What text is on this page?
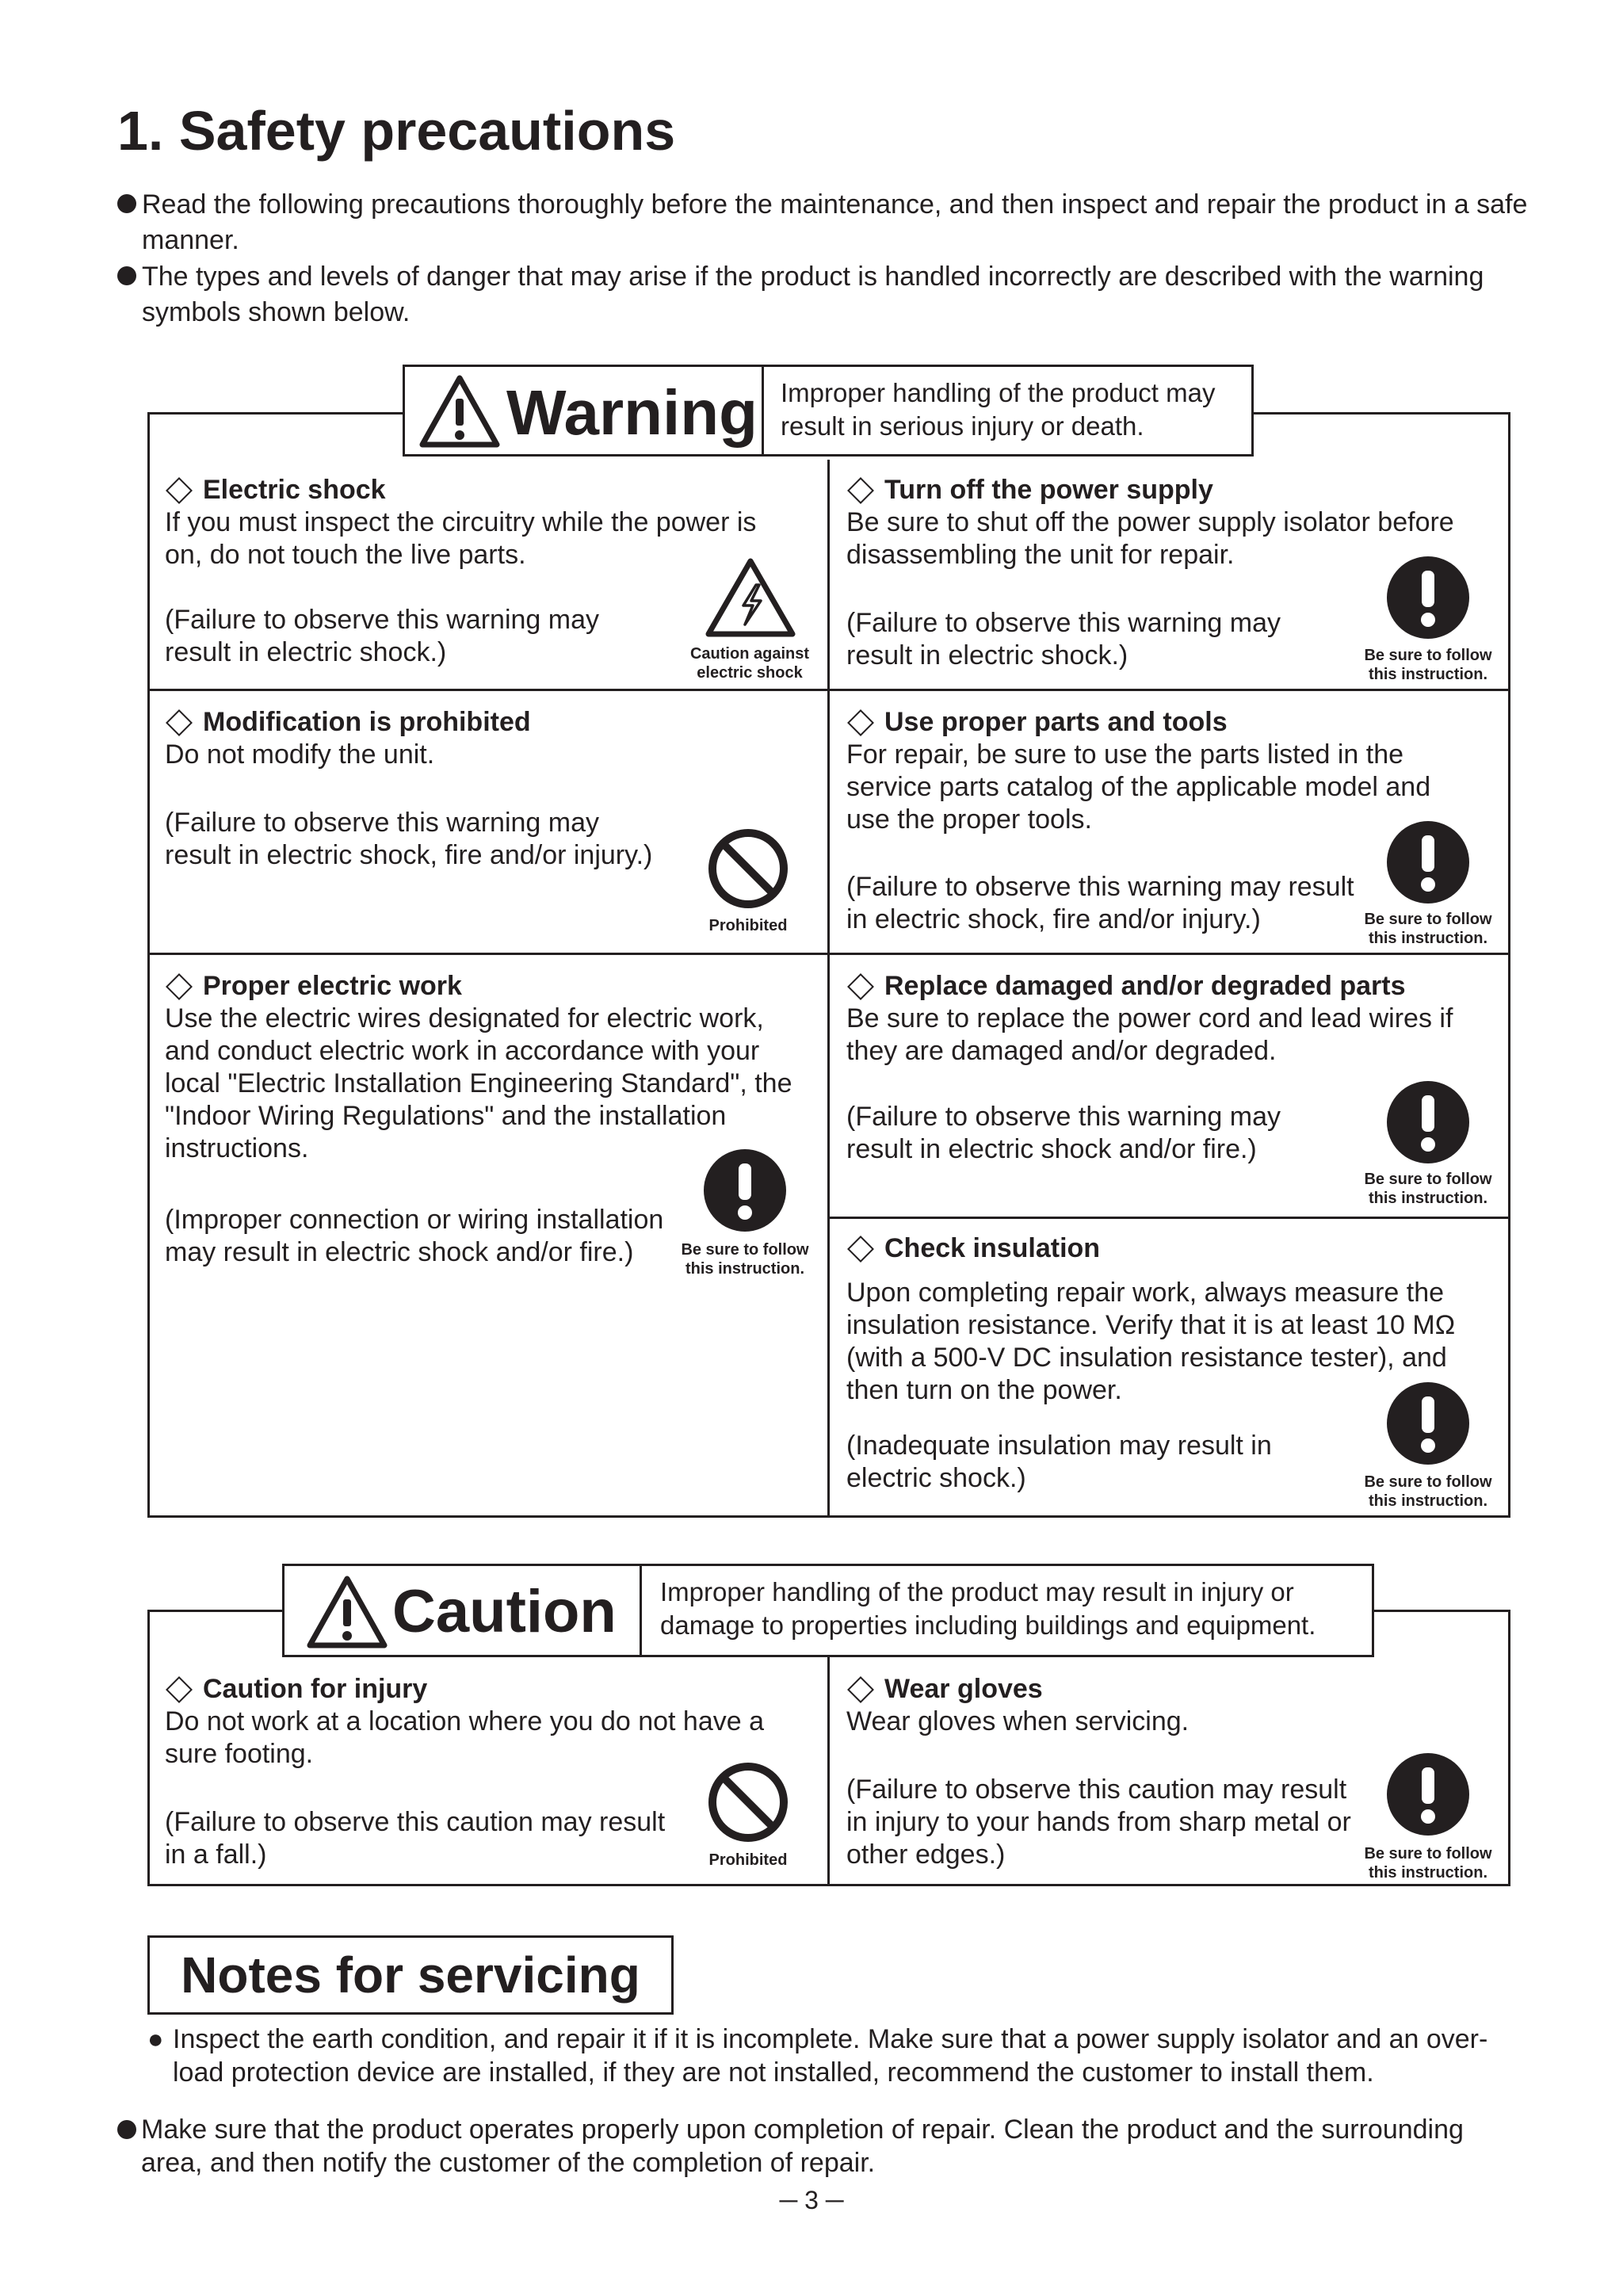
1. Safety precautions
Read the following precautions thoroughly before the maintenance, and then inspect and repair the product in a safe manner.
The types and levels of danger that may arise if the product is handled incorrectly are described with the warning symbols shown below.
Warning Improper handling of the product may result in serious injury or death.
Electric shock
If you must inspect the circuitry while the power is on, do not touch the live parts.
(Failure to observe this warning may result in electric shock.)	Caution against electric shock
Turn off the power supply
Be sure to shut off the power supply isolator before disassembling the unit for repair.
(Failure to observe this warning may result in electric shock.)	Be sure to follow this instruction.
Modification is prohibited
Do not modify the unit.
(Failure to observe this warning may result in electric shock, fire and/or injury.)
Prohibited
Use proper parts and tools
For repair, be sure to use the parts listed in the service parts catalog of the applicable model and use the proper tools.
(Failure to observe this warning may result in electric shock, fire and/or injury.)	Be sure to follow this instruction.
Proper electric work
Use the electric wires designated for electric work, and conduct electric work in accordance with your local "Electric Installation Engineering Standard", the "Indoor Wiring Regulations" and the installation instructions.
(Improper connection or wiring installation may result in electric shock and/or fire.)	Be sure to follow this instruction.
Replace damaged and/or degraded parts
Be sure to replace the power cord and lead wires if they are damaged and/or degraded.
(Failure to observe this warning may result in electric shock and/or fire.)
Be sure to follow this instruction.
Check insulation
Upon completing repair work, always measure the insulation resistance. Verify that it is at least 10 MΩ (with a 500-V DC insulation resistance tester), and then turn on the power.
(Inadequate insulation may result in electric shock.)	Be sure to follow this instruction.
Caution Improper handling of the product may result in injury or damage to properties including buildings and equipment.
Caution for injury
Do not work at a location where you do not have a sure footing.
(Failure to observe this caution may result in a fall.)	Prohibited
Wear gloves
Wear gloves when servicing.
(Failure to observe this caution may result in injury to your hands from sharp metal or other edges.)	Be sure to follow this instruction.
Notes for servicing
● Inspect the earth condition, and repair it if it is incomplete. Make sure that a power supply isolator and an over-load protection device are installed, if they are not installed, recommend the customer to install them.
Make sure that the product operates properly upon completion of repair. Clean the product and the surrounding area, and then notify the customer of the completion of repair.
─ 3 ─
